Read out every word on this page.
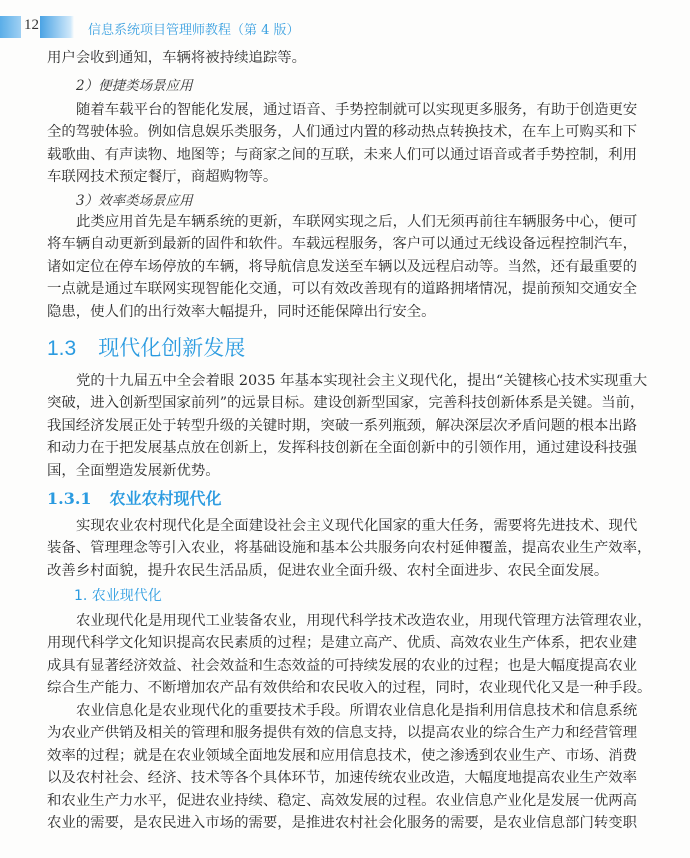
12	信息系统项目管理师教程（第 4 版）
用户会收到通知，车辆将被持续追踪等。
2）便捷类场景应用
随着车载平台的智能化发展，通过语音、手势控制就可以实现更多服务，有助于创造更安
全的驾驶体验。例如信息娱乐类服务，人们通过内置的移动热点转换技术，在车上可购买和下
载歌曲、有声读物、地图等；与商家之间的互联，未来人们可以通过语音或者手势控制，利用
车联网技术预定餐厅，商超购物等。
3）效率类场景应用
此类应用首先是车辆系统的更新，车联网实现之后，人们无须再前往车辆服务中心，便可
将车辆自动更新到最新的固件和软件。车载远程服务，客户可以通过无线设备远程控制汽车，
诸如定位在停车场停放的车辆，将导航信息发送至车辆以及远程启动等。当然，还有最重要的
一点就是通过车联网实现智能化交通，可以有效改善现有的道路拥堵情况，提前预知交通安全
隐患，使人们的出行效率大幅提升，同时还能保障出行安全。
1.3 现代化创新发展
党的十九届五中全会着眼 2035 年基本实现社会主义现代化，提出“关键核心技术实现重大
突破，进入创新型国家前列”的远景目标。建设创新型国家，完善科技创新体系是关键。当前，
我国经济发展正处于转型升级的关键时期，突破一系列瓶颈，解决深层次矛盾问题的根本出路
和动力在于把发展基点放在创新上，发挥科技创新在全面创新中的引领作用，通过建设科技强
国，全面塑造发展新优势。
1.3.1 农业农村现代化
实现农业农村现代化是全面建设社会主义现代化国家的重大任务，需要将先进技术、现代
装备、管理理念等引入农业，将基础设施和基本公共服务向农村延伸覆盖，提高农业生产效率，
改善乡村面貌，提升农民生活品质，促进农业全面升级、农村全面进步、农民全面发展。
1. 农业现代化
农业现代化是用现代工业装备农业，用现代科学技术改造农业，用现代管理方法管理农业，
用现代科学文化知识提高农民素质的过程；是建立高产、优质、高效农业生产体系，把农业建
成具有显著经济效益、社会效益和生态效益的可持续发展的农业的过程；也是大幅度提高农业
综合生产能力、不断增加农产品有效供给和农民收入的过程，同时，农业现代化又是一种手段。
农业信息化是农业现代化的重要技术手段。所谓农业信息化是指利用信息技术和信息系统
为农业产供销及相关的管理和服务提供有效的信息支持，以提高农业的综合生产力和经营管理
效率的过程；就是在农业领域全面地发展和应用信息技术，使之渗透到农业生产、市场、消费
以及农村社会、经济、技术等各个具体环节，加速传统农业改造，大幅度地提高农业生产效率
和农业生产力水平，促进农业持续、稳定、高效发展的过程。农业信息产业化是发展一优两高
农业的需要，是农民进入市场的需要，是推进农村社会化服务的需要，是农业信息部门转变职
